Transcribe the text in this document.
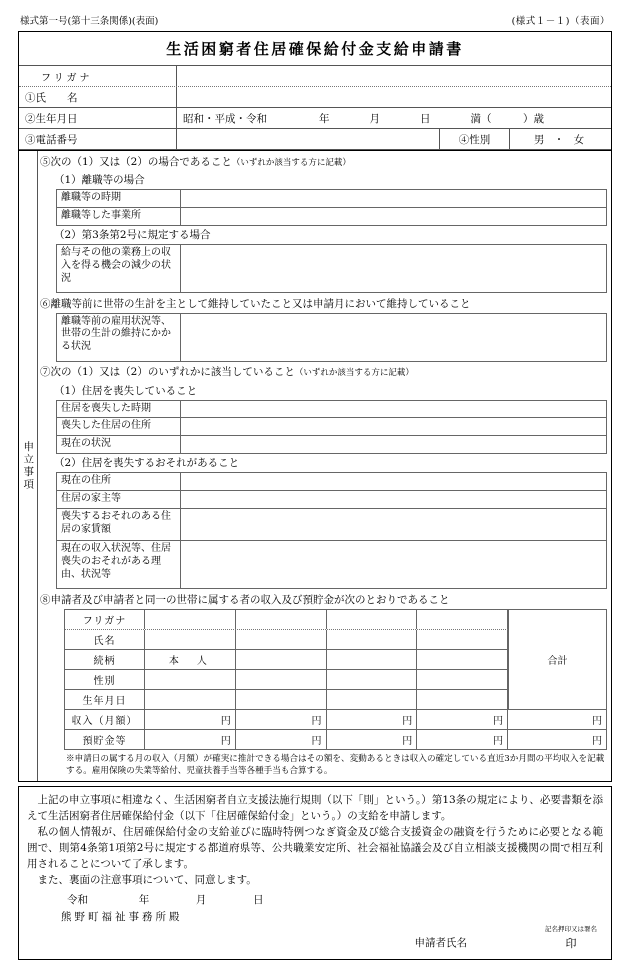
様式第一号(第十三条関係)(表面)	(様式１－１)（表面）
生活困窮者住居確保給付金支給申請書
フリガナ
①氏　　名
②生年月日	昭和・平成・令和	年	月	日	満（　　　）歳
③電話番号	④性別	男 ・ 女
申立事項
⑤次の（1）又は（2）の場合であること（いずれか該当する方に記載）
（1）離職等の場合
離職等の時期
離職等した事業所
（2）第3条第2号に規定する場合
給与その他の業務上の収入を得る機会の減少の状況
⑥離職等前に世帯の生計を主として維持していたこと又は申請月において維持していること
離職等前の雇用状況等、世帯の生計の維持にかかる状況
⑦次の（1）又は（2）のいずれかに該当していること（いずれか該当する方に記載）
（1）住居を喪失していること
住居を喪失した時期
喪失した住居の住所
現在の状況
（2）住居を喪失するおそれがあること
現在の住所
住居の家主等
喪失するおそれのある住居の家賃額
現在の収入状況等、住居喪失のおそれがある理由、状況等
⑧申請者及び申請者と同一の世帯に属する者の収入及び預貯金が次のとおりであること
フリガナ
氏名
続柄	本　人
性別
生年月日
合計
収入（月額）	円	円	円	円	円
預貯金等	円	円	円	円	円
※申請日の属する月の収入（月額）が確実に推計できる場合はその額を、変動あるときは収入の確定している直近3か月間の平均収入を記載する。雇用保険の失業等給付、児童扶養手当等各種手当も合算する。

上記の申立事項に相違なく、生活困窮者自立支援法施行規則（以下「則」という。）第13条の規定により、必要書類を添えて生活困窮者住居確保給付金（以下「住居確保給付金」という。）の支給を申請します。

私の個人情報が、住居確保給付金の支給並びに臨時特例つなぎ資金及び総合支援資金の融資を行うために必要となる範囲で、則第4条第1項第2号に規定する都道府県等、公共職業安定所、社会福祉協議会及び自立相談支援機関の間で相互利用されることについて了承します。

また、裏面の注意事項について、同意します。

令和	年	月	日
熊野町福祉事務所殿
申請者氏名
記名押印又は署名
印
